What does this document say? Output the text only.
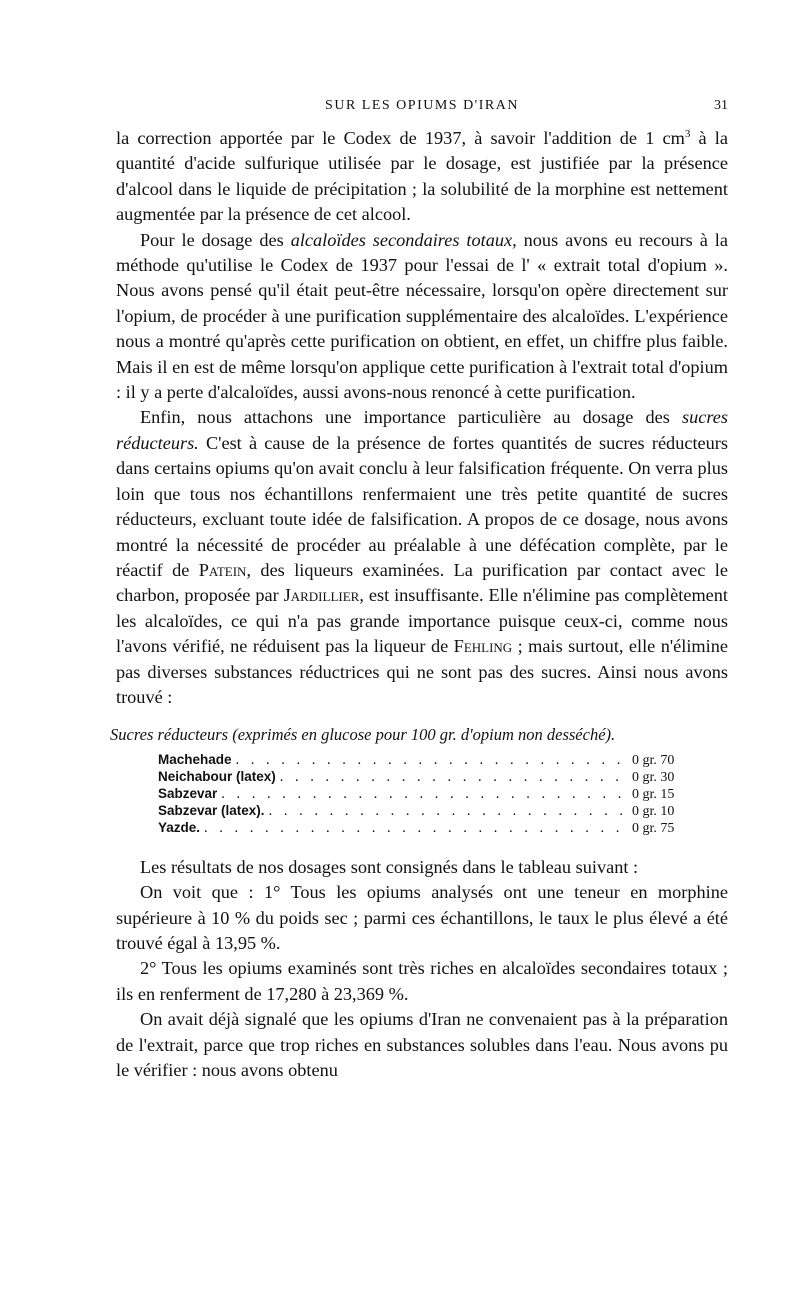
SUR LES OPIUMS D'IRAN	31

la correction apportée par le Codex de 1937, à savoir l'addition de 1 $cm^3$ à la quantité d'acide sulfurique utilisée par le dosage, est justifiée par la présence d'alcool dans le liquide de précipitation ; la solubilité de la morphine est nettement augmentée par la présence de cet alcool.

Pour le dosage des alcaloïdes secondaires totaux, nous avons eu recours à la méthode qu'utilise le Codex de 1937 pour l'essai de l' « extrait total d'opium ». Nous avons pensé qu'il était peut-être nécessaire, lorsqu'on opère directement sur l'opium, de procéder à une purification supplémentaire des alcaloïdes. L'expérience nous a montré qu'après cette purification on obtient, en effet, un chiffre plus faible. Mais il en est de même lorsqu'on applique cette purification à l'extrait total d'opium : il y a perte d'alcaloïdes, aussi avons-nous renoncé à cette purification.

Enfin, nous attachons une importance particulière au dosage des sucres réducteurs. C'est à cause de la présence de fortes quantités de sucres réducteurs dans certains opiums qu'on avait conclu à leur falsification fréquente. On verra plus loin que tous nos échantillons renfermaient une très petite quantité de sucres réducteurs, excluant toute idée de falsification. A propos de ce dosage, nous avons montré la nécessité de procéder au préalable à une défécation complète, par le réactif de Patein, des liqueurs examinées. La purification par contact avec le charbon, proposée par Jardillier, est insuffisante. Elle n'élimine pas complètement les alcaloïdes, ce qui n'a pas grande importance puisque ceux-ci, comme nous l'avons vérifié, ne réduisent pas la liqueur de Fehling ; mais surtout, elle n'élimine pas diverses substances réductrices qui ne sont pas des sucres. Ainsi nous avons trouvé :

Sucres réducteurs (exprimés en glucose pour 100 gr. d'opium non desséché).
Machehade . . .	0 gr. 70
Neichabour (latex) . . .	0 gr. 30
Sabzevar . . .	0 gr. 15
Sabzevar (latex). . . .	0 gr. 10
Yazde. . . .	0 gr. 75

Les résultats de nos dosages sont consignés dans le tableau suivant :

On voit que : 1° Tous les opiums analysés ont une teneur en morphine supérieure à 10 % du poids sec ; parmi ces échantillons, le taux le plus élevé a été trouvé égal à 13,95 %.

2° Tous les opiums examinés sont très riches en alcaloïdes secondaires totaux ; ils en renferment de 17,280 à 23,369 %.

On avait déjà signalé que les opiums d'Iran ne convenaient pas à la préparation de l'extrait, parce que trop riches en substances solubles dans l'eau. Nous avons pu le vérifier : nous avons obtenu
